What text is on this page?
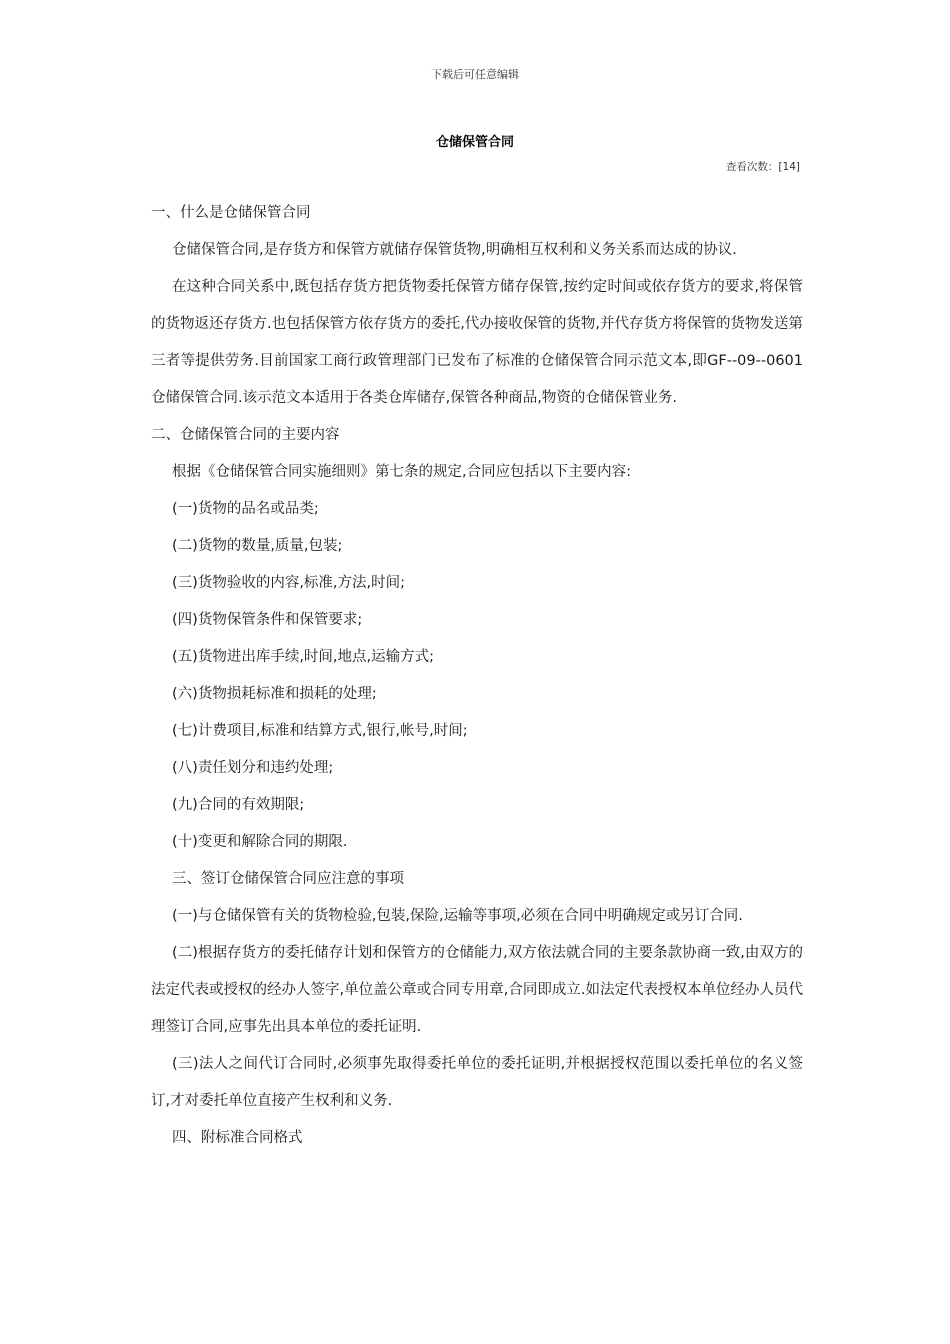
下载后可任意编辑
仓储保管合同
查看次数：[14]

一、什么是仓储保管合同

仓储保管合同,是存货方和保管方就储存保管货物,明确相互权利和义务关系而达成的协议.

在这种合同关系中,既包括存货方把货物委托保管方储存保管,按约定时间或依存货方的要求,将保管的货物返还存货方.也包括保管方依存货方的委托,代办接收保管的货物,并代存货方将保管的货物发送第三者等提供劳务.目前国家工商行政管理部门已发布了标准的仓储保管合同示范文本,即GF--09--0601仓储保管合同.该示范文本适用于各类仓库储存,保管各种商品,物资的仓储保管业务.

二、仓储保管合同的主要内容

根据《仓储保管合同实施细则》第七条的规定,合同应包括以下主要内容:

(一)货物的品名或品类;

(二)货物的数量,质量,包装;

(三)货物验收的内容,标准,方法,时间;

(四)货物保管条件和保管要求;

(五)货物进出库手续,时间,地点,运输方式;

(六)货物损耗标准和损耗的处理;

(七)计费项目,标准和结算方式,银行,帐号,时间;

(八)责任划分和违约处理;

(九)合同的有效期限;

(十)变更和解除合同的期限.

三、签订仓储保管合同应注意的事项

(一)与仓储保管有关的货物检验,包装,保险,运输等事项,必须在合同中明确规定或另订合同.

(二)根据存货方的委托储存计划和保管方的仓储能力,双方依法就合同的主要条款协商一致,由双方的法定代表或授权的经办人签字,单位盖公章或合同专用章,合同即成立.如法定代表授权本单位经办人员代理签订合同,应事先出具本单位的委托证明.

(三)法人之间代订合同时,必须事先取得委托单位的委托证明,并根据授权范围以委托单位的名义签订,才对委托单位直接产生权利和义务.

四、附标准合同格式
